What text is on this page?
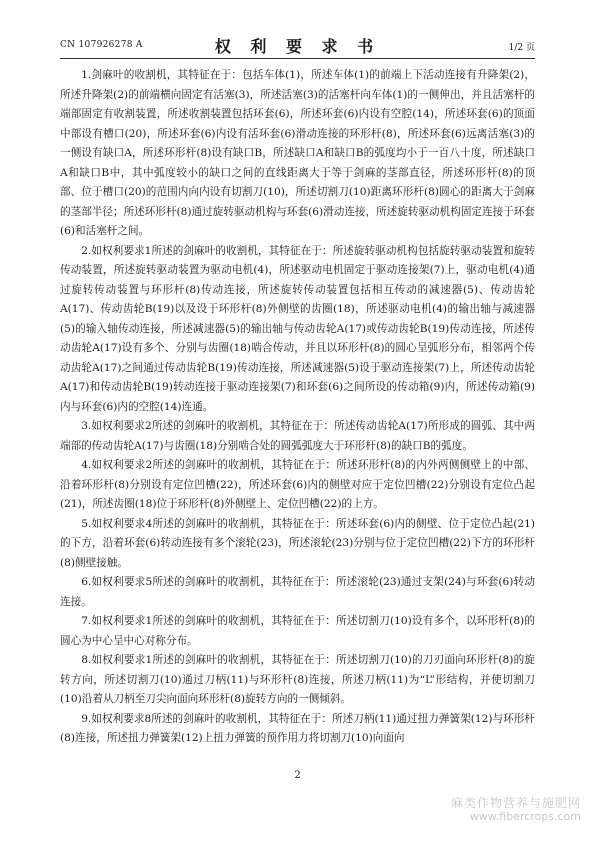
CN 107926278 A	权 利 要 求 书	1/2 页

1.剑麻叶的收割机，其特征在于：包括车体(1)，所述车体(1)的前端上下活动连接有升降架(2)，所述升降架(2)的前端横向固定有活塞(3)，所述活塞(3)的活塞杆向车体(1)的一侧伸出，并且活塞杆的端部固定有收割装置，所述收割装置包括环套(6)，所述环套(6)内设有空腔(14)，所述环套(6)的顶面中部设有槽口(20)，所述环套(6)内设有活环套(6)滑动连接的环形杆(8)，所述环套(6)远离活塞(3)的一侧设有缺口A，所述环形杆(8)设有缺口B，所述缺口A和缺口B的弧度均小于一百八十度，所述缺口A和缺口B中，其中弧度较小的缺口之间的直线距离大于等于剑麻的茎部直径，所述环形杆(8)的顶部、位于槽口(20)的范围内向内设有切割刀(10)，所述切割刀(10)距离环形杆(8)圆心的距离大于剑麻的茎部半径；所述环形杆(8)通过旋转驱动机构与环套(6)滑动连接，所述旋转驱动机构固定连接于环套(6)和活塞杆之间。

2.如权利要求1所述的剑麻叶的收割机，其特征在于：所述旋转驱动机构包括旋转驱动装置和旋转传动装置，所述旋转驱动装置为驱动电机(4)，所述驱动电机固定于驱动连接架(7)上，驱动电机(4)通过旋转传动装置与环形杆(8)传动连接，所述旋转传动装置包括相互传动的减速器(5)、传动齿轮A(17)、传动齿轮B(19)以及设于环形杆(8)外侧壁的齿圈(18)，所述驱动电机(4)的输出轴与减速器(5)的输入轴传动连接，所述减速器(5)的输出轴与传动齿轮A(17)或传动齿轮B(19)传动连接，所述传动齿轮A(17)设有多个、分别与齿圈(18)啮合传动，并且以环形杆(8)的圆心呈弧形分布，相邻两个传动齿轮A(17)之间通过传动齿轮B(19)传动连接，所述减速器(5)设于驱动连接架(7)上，所述传动齿轮A(17)和传动齿轮B(19)转动连接于驱动连接架(7)和环套(6)之间所设的传动箱(9)内，所述传动箱(9)内与环套(6)内的空腔(14)连通。

3.如权利要求2所述的剑麻叶的收割机，其特征在于：所述传动齿轮A(17)所形成的圆弧、其中两端部的传动齿轮A(17)与齿圈(18)分别啮合处的圆弧弧度大于环形杆(8)的缺口B的弧度。

4.如权利要求2所述的剑麻叶的收割机，其特征在于：所述环形杆(8)的内外两侧侧壁上的中部、沿着环形杆(8)分别设有定位凹槽(22)，所述环套(6)内的侧壁对应于定位凹槽(22)分别设有定位凸起(21)，所述齿圈(18)位于环形杆(8)外侧壁上、定位凹槽(22)的上方。

5.如权利要求4所述的剑麻叶的收割机，其特征在于：所述环套(6)内的侧壁、位于定位凸起(21)的下方，沿着环套(6)转动连接有多个滚轮(23)，所述滚轮(23)分别与位于定位凹槽(22)下方的环形杆(8)侧壁接触。

6.如权利要求5所述的剑麻叶的收割机，其特征在于：所述滚轮(23)通过支架(24)与环套(6)转动连接。

7.如权利要求1所述的剑麻叶的收割机，其特征在于：所述切割刀(10)设有多个，以环形杆(8)的圆心为中心呈中心对称分布。

8.如权利要求1所述的剑麻叶的收割机，其特征在于：所述切割刀(10)的刀刃面向环形杆(8)的旋转方向，所述切割刀(10)通过刀柄(11)与环形杆(8)连接，所述刀柄(11)为“L”形结构，并使切割刀(10)沿着从刀柄至刀尖向面向环形杆(8)旋转方向的一侧倾斜。

9.如权利要求8所述的剑麻叶的收割机，其特征在于：所述刀柄(11)通过扭力弹簧架(12)与环形杆(8)连接，所述扭力弹簧架(12)上扭力弹簧的预作用力将切割刀(10)向面向

2
麻类作物营养与施肥网
www.fibercrops.com
